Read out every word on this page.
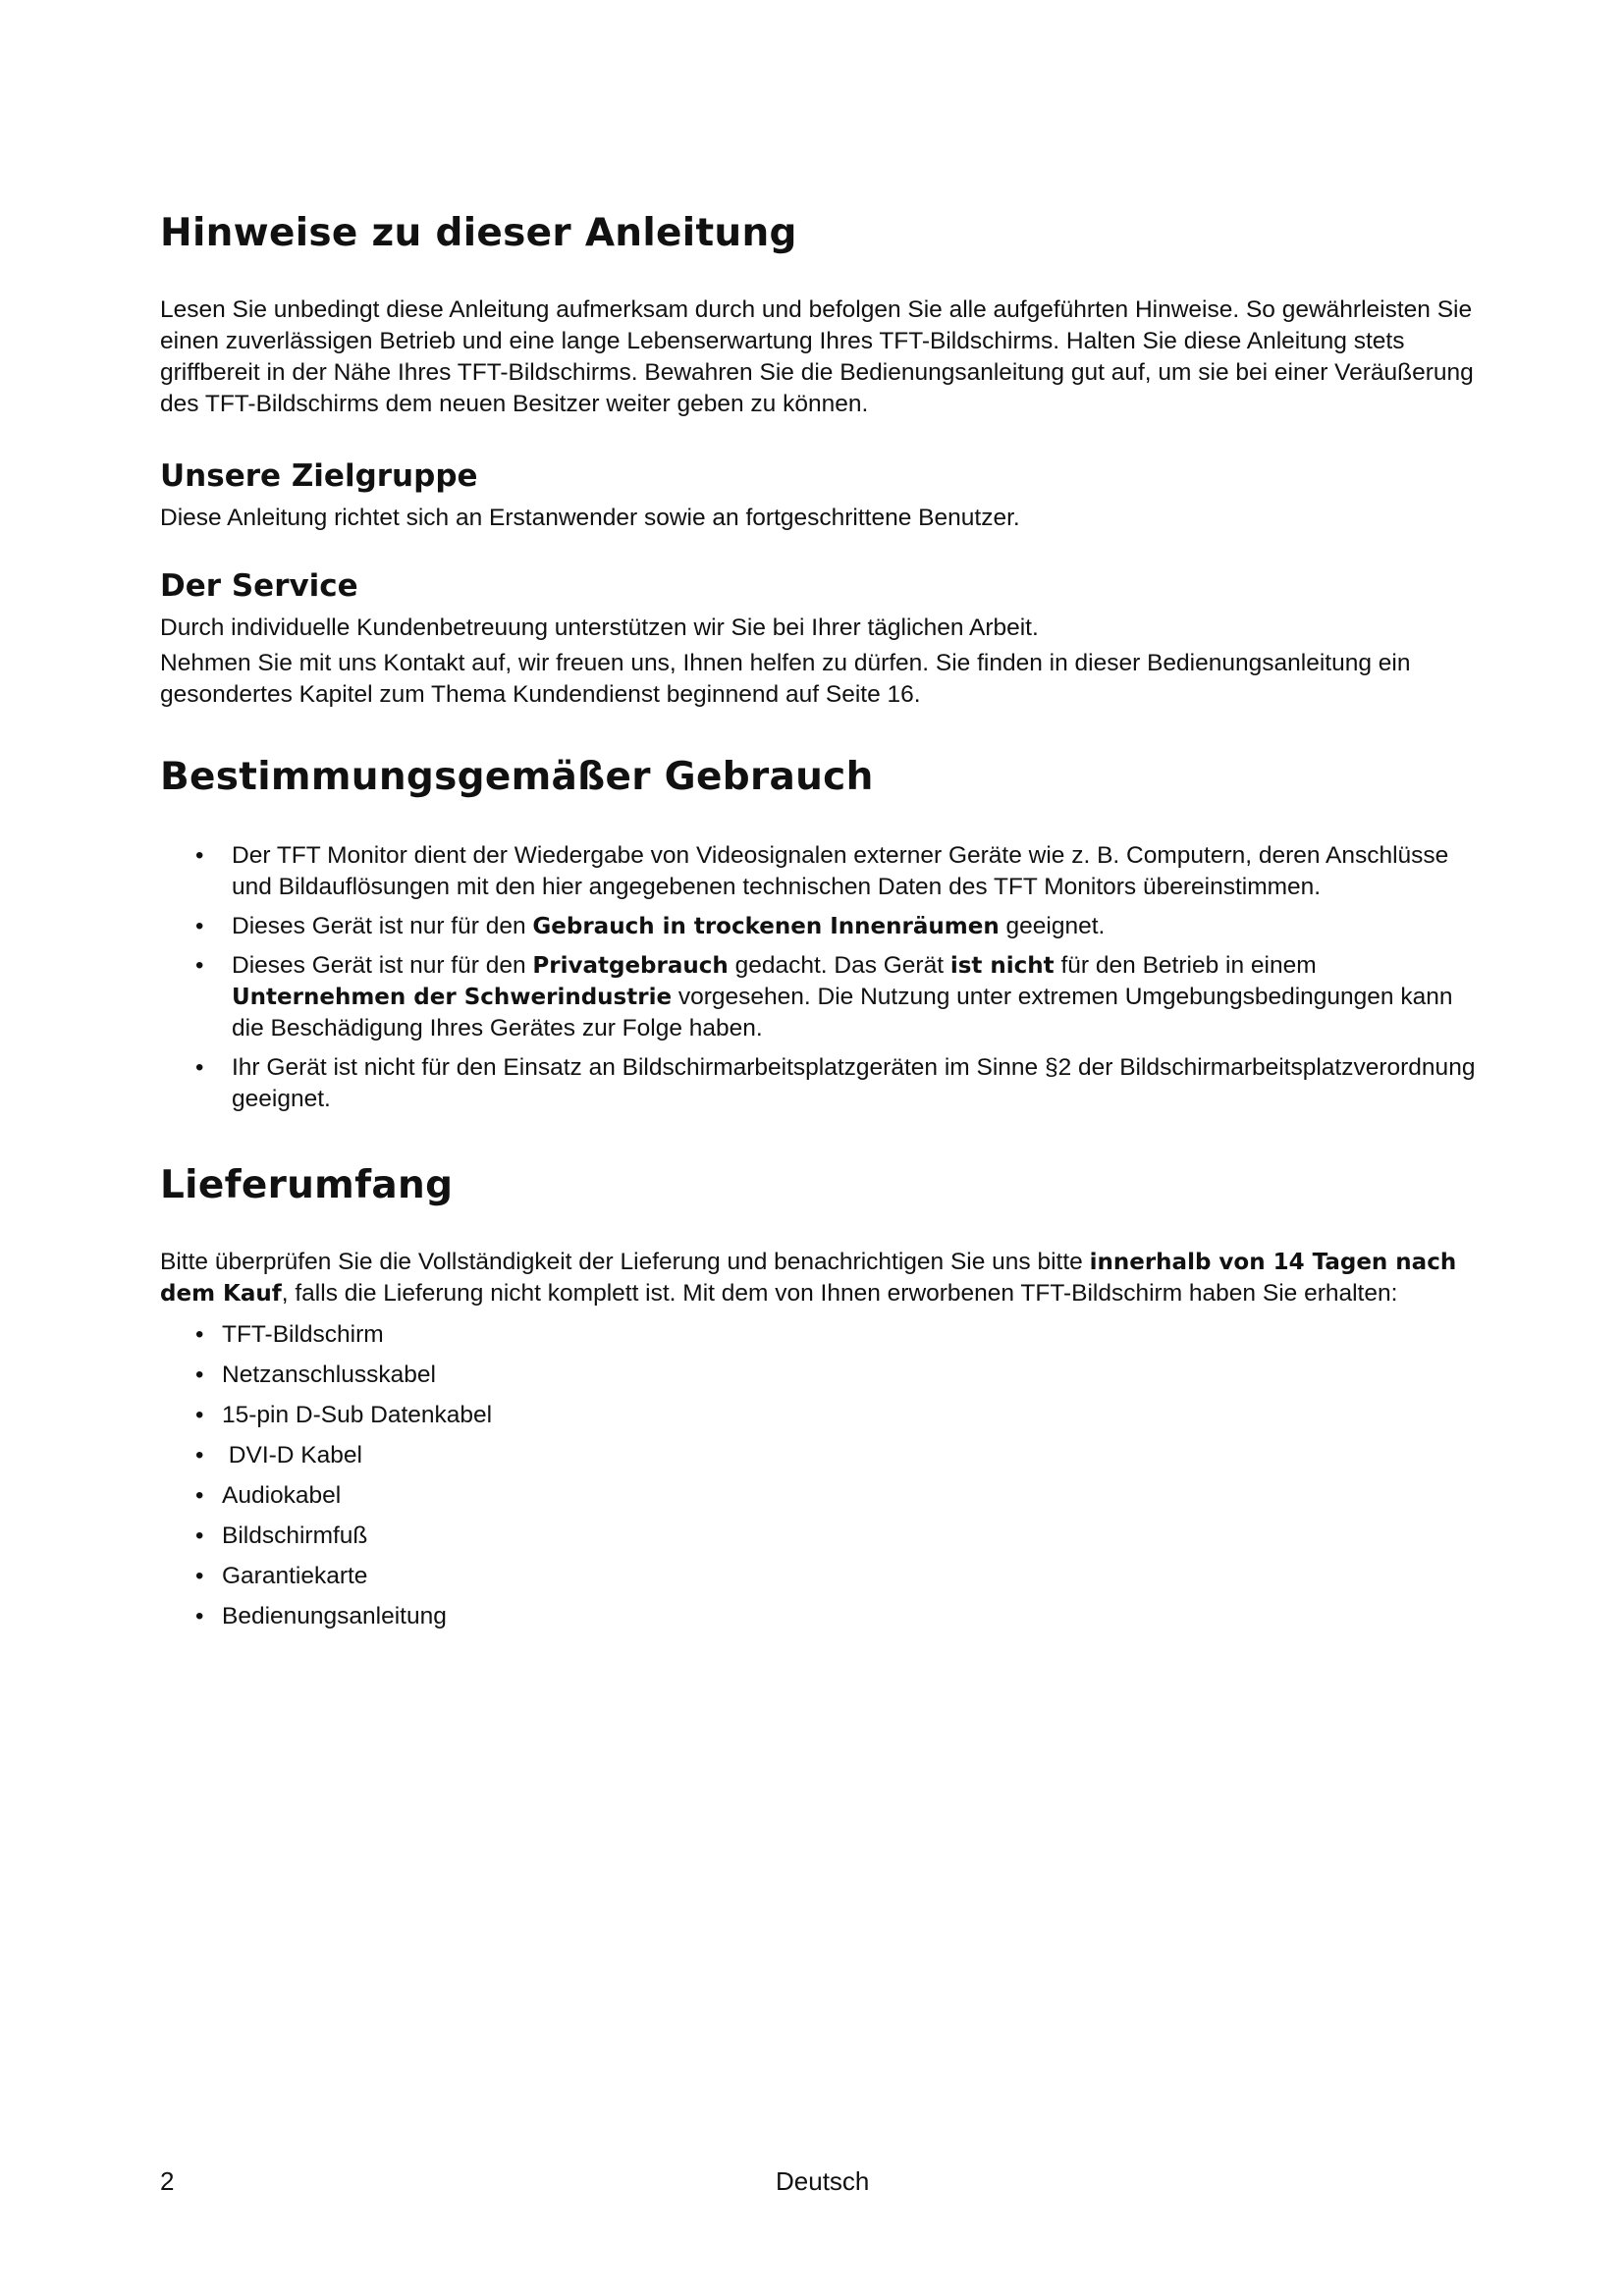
Hinweise zu dieser Anleitung

Lesen Sie unbedingt diese Anleitung aufmerksam durch und befolgen Sie alle aufgeführten Hinweise. So gewährleisten Sie einen zuverlässigen Betrieb und eine lange Lebenserwartung Ihres TFT-Bildschirms. Halten Sie diese Anleitung stets griffbereit in der Nähe Ihres TFT-Bildschirms. Bewahren Sie die Bedienungsanleitung gut auf, um sie bei einer Veräußerung des TFT-Bildschirms dem neuen Besitzer weiter geben zu können.

Unsere Zielgruppe

Diese Anleitung richtet sich an Erstanwender sowie an fortgeschrittene Benutzer.

Der Service

Durch individuelle Kundenbetreuung unterstützen wir Sie bei Ihrer täglichen Arbeit.

Nehmen Sie mit uns Kontakt auf, wir freuen uns, Ihnen helfen zu dürfen. Sie finden in dieser Bedienungsanleitung ein gesondertes Kapitel zum Thema Kundendienst beginnend auf Seite 16.

Bestimmungsgemäßer Gebrauch
• Der TFT Monitor dient der Wiedergabe von Videosignalen externer Geräte wie z. B. Computern, deren Anschlüsse und Bildauflösungen mit den hier angegebenen technischen Daten des TFT Monitors übereinstimmen.
• Dieses Gerät ist nur für den Gebrauch in trockenen Innenräumen geeignet.
• Dieses Gerät ist nur für den Privatgebrauch gedacht. Das Gerät ist nicht für den Betrieb in einem Unternehmen der Schwerindustrie vorgesehen. Die Nutzung unter extremen Umgebungsbedingungen kann die Beschädigung Ihres Gerätes zur Folge haben.
• Ihr Gerät ist nicht für den Einsatz an Bildschirmarbeitsplatzgeräten im Sinne §2 der Bildschirmarbeitsplatzverordnung geeignet.
Lieferumfang

Bitte überprüfen Sie die Vollständigkeit der Lieferung und benachrichtigen Sie uns bitte innerhalb von 14 Tagen nach dem Kauf, falls die Lieferung nicht komplett ist. Mit dem von Ihnen erworbenen TFT-Bildschirm haben Sie erhalten:

• TFT-Bildschirm
• Netzanschlusskabel
• 15-pin D-Sub Datenkabel
• DVI-D Kabel
• Audiokabel
• Bildschirmfuß
• Garantiekarte
• Bedienungsanleitung
2	Deutsch
